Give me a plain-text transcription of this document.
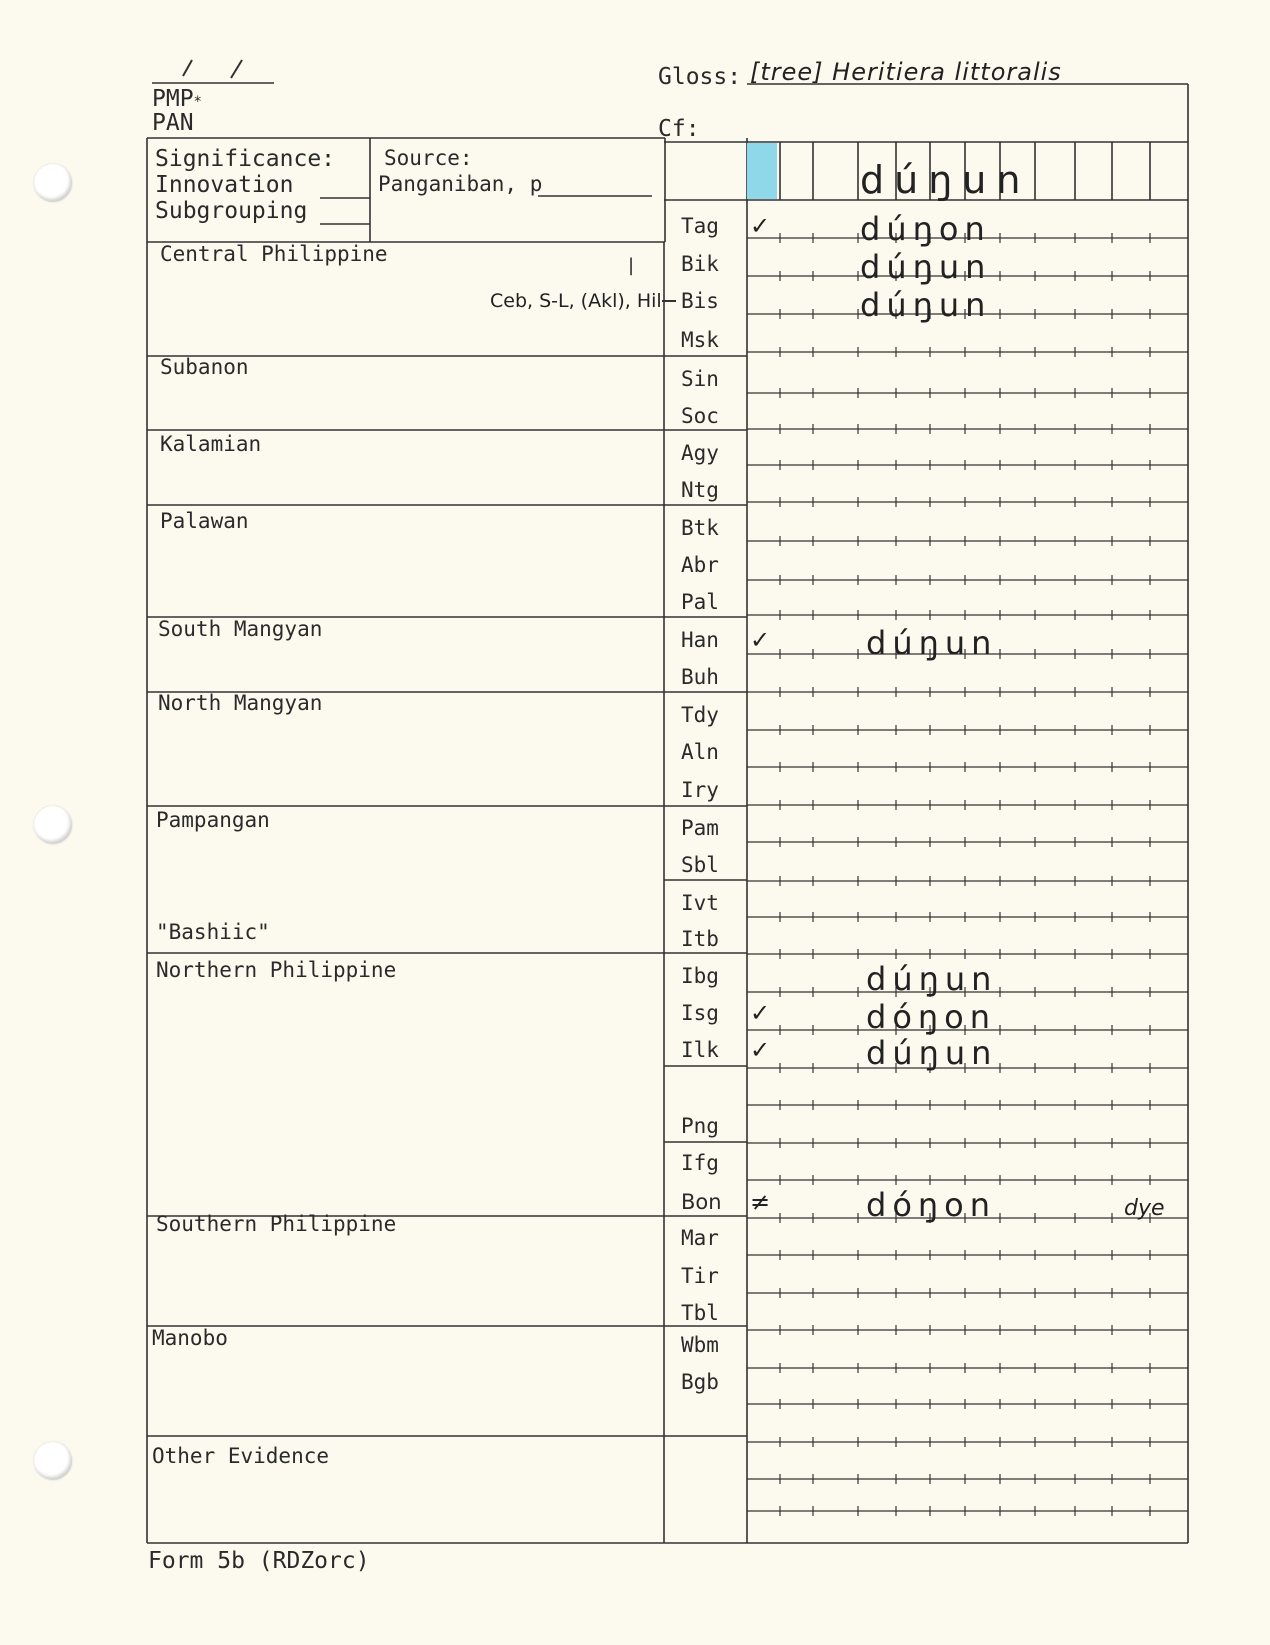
PMP*
PAN
Gloss: [tree] Heritiera littoralis
Cf:
Significance:
Innovation
Subgrouping
Source:
Panganiban, p	dúŋun
Central Philippine
Ceb, S-L, (Akl), Hil
|
Subanon
Kalamian
Palawan
South Mangyan
North Mangyan
Pampangan
"Bashiic"
Northern Philippine
Southern Philippine
Manobo
Other Evidence
Tag
Bik
Bis
Msk
Sin
Soc
Agy
Ntg
Btk
Abr
Pal
Han
Buh
Tdy
Aln
Iry
Pam
Sbl
Ivt
Itb
Ibg
Isg
Ilk
Png
Ifg
Bon
Mar
Tir
Tbl
Wbm
Bgb
✓
✓
✓
✓
≠
dúŋon
dúŋun
dúŋun
dúŋun
dúŋun
dóŋon
dúŋun
dóŋon	dye
Form 5b (RDZorc)
